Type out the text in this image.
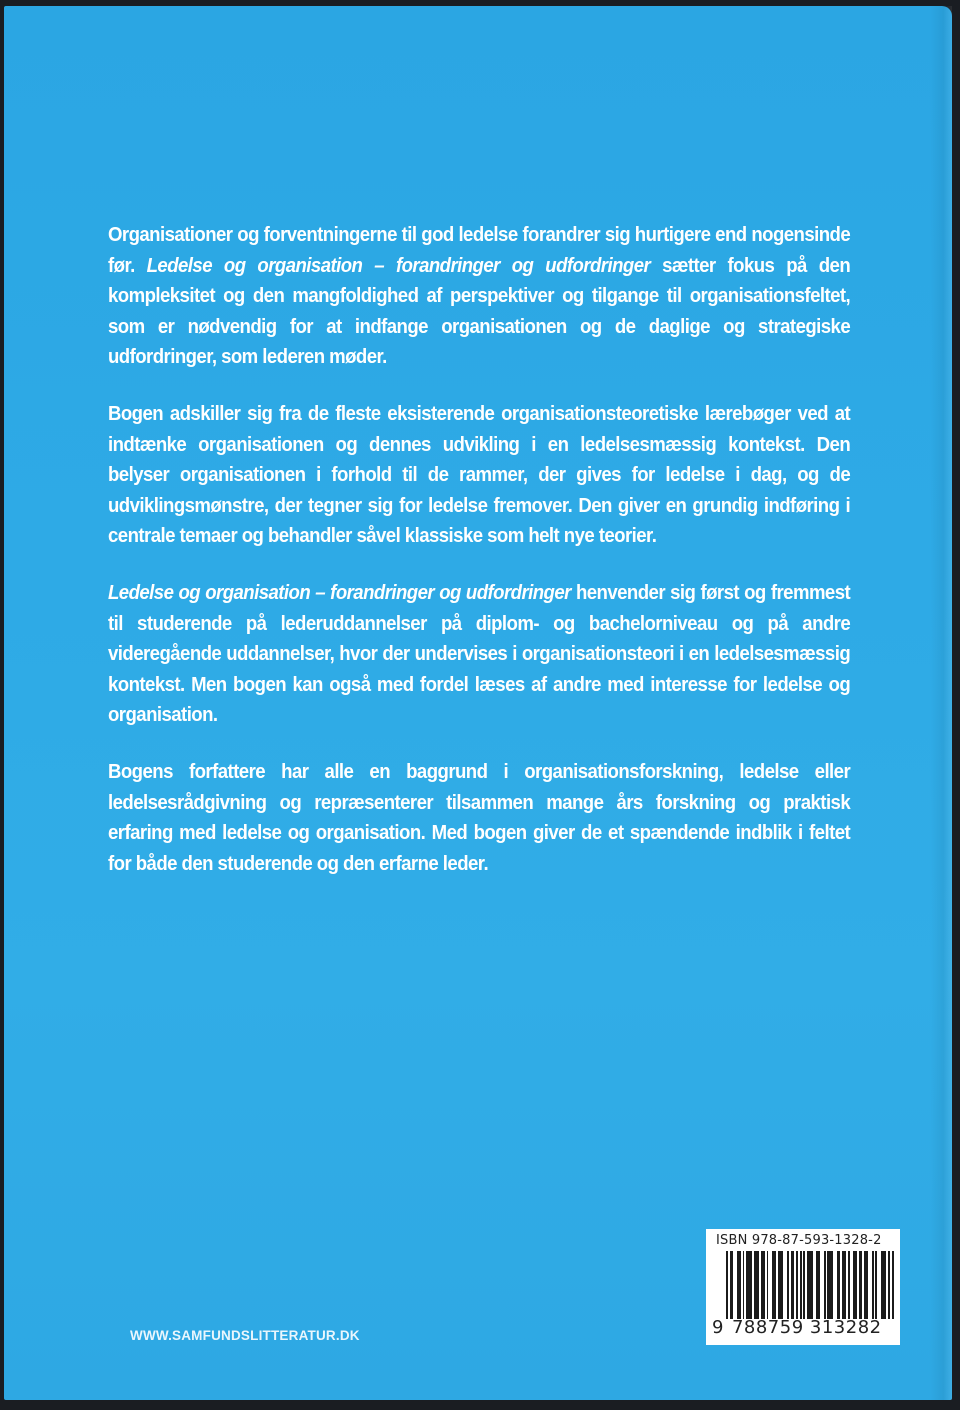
Organisationer og forventningerne til god ledelse forandrer sig hurtigere end nogensinde før. Ledelse og organisation – forandringer og udfordringer sætter fokus på den kompleksitet og den mangfoldighed af perspektiver og tilgange til organisationsfeltet, som er nødvendig for at indfange organisationen og de daglige og strategiske udfordringer, som lederen møder.

Bogen adskiller sig fra de fleste eksisterende organisationsteoretiske lærebøger ved at indtænke organisationen og dennes udvikling i en ledelsesmæssig kontekst. Den belyser organisationen i forhold til de rammer, der gives for ledelse i dag, og de udviklingsmønstre, der tegner sig for ledelse fremover. Den giver en grundig indføring i centrale temaer og behandler såvel klassiske som helt nye teorier.

Ledelse og organisation – forandringer og udfordringer henvender sig først og fremmest til studerende på lederuddannelser på diplom- og bachelorniveau og på andre videregående uddannelser, hvor der undervises i organisationsteori i en ledelsesmæssig kontekst. Men bogen kan også med fordel læses af andre med interesse for ledelse og organisation.

Bogens forfattere har alle en baggrund i organisationsforskning, ledelse eller ledelsesrådgivning og repræsenterer tilsammen mange års forskning og praktisk erfaring med ledelse og organisation. Med bogen giver de et spændende indblik i feltet for både den studerende og den erfarne leder.

WWW.SAMFUNDSLITTERATUR.DK
ISBN 978-87-593-1328-2
9 788759 313282
